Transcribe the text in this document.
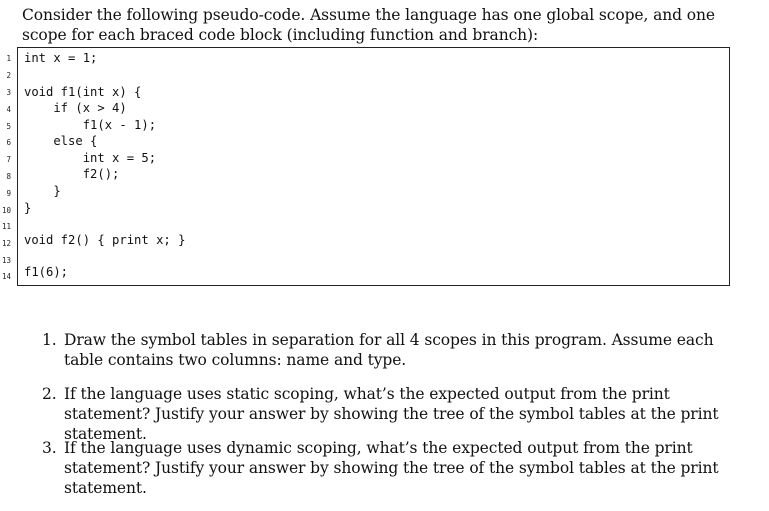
Consider the following pseudo-code. Assume the language has one global scope, and one scope for each braced code block (including function and branch):
1
2
3
4
5
6
7
8
9
10
11
12
13
14
int x = 1;
void f1(int x) {
if (x > 4)
f1(x - 1);
else {
int x = 5;
f2();
}
}
void f2() { print x; }
f1(6);
1. Draw the symbol tables in separation for all 4 scopes in this program. Assume each table contains two columns: name and type.
2. If the language uses static scoping, what’s the expected output from the print statement? Justify your answer by showing the tree of the symbol tables at the print statement.
3. If the language uses dynamic scoping, what’s the expected output from the print statement? Justify your answer by showing the tree of the symbol tables at the print statement.
